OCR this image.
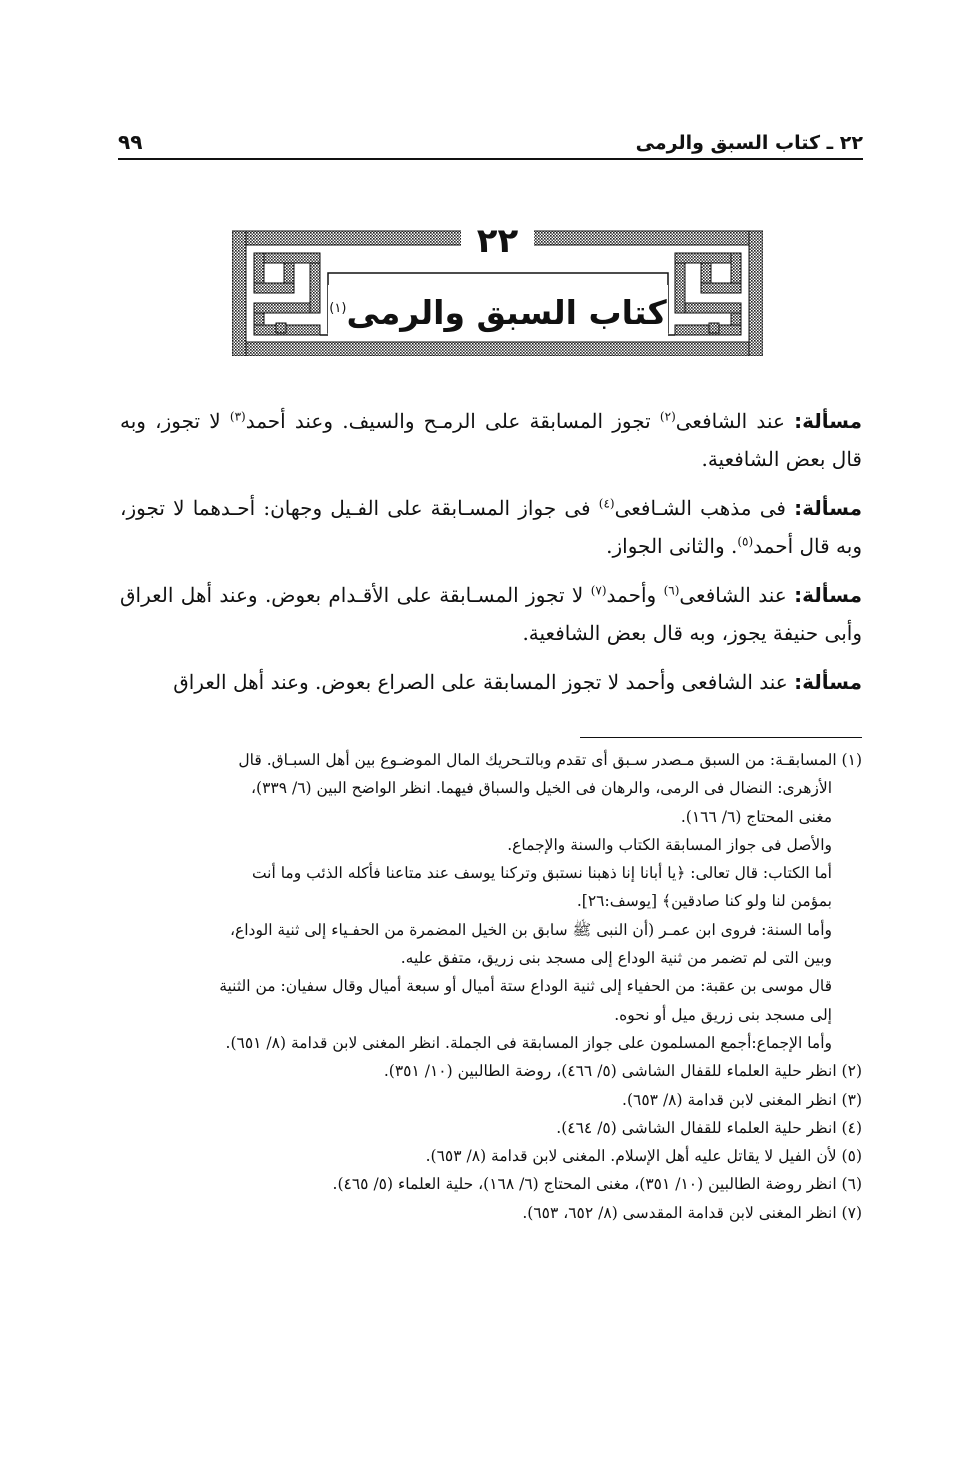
٢٢ ـ كتاب السبق والرمى
٩٩
٢٢
كتاب السبق والرمى$^{(١)}$

مسألة: عند الشافعى$^{(٢)}$ تجوز المسابقة على الرمـح والسيف. وعند أحمد$^{(٣)}$ لا تجوز، وبه قال بعض الشافعية.

مسألة: فى مذهب الشـافعى$^{(٤)}$ فى جواز المسـابقة على الفـيل وجهان: أحـدهما لا تجوز، وبه قال أحمد$^{(٥)}$. والثانى الجواز.

مسألة: عند الشافعى$^{(٦)}$ وأحمد$^{(٧)}$ لا تجوز المسـابقة على الأقـدام بعوض. وعند أهل العراق وأبى حنيفة يجوز، وبه قال بعض الشافعية.

مسألة: عند الشافعى وأحمد لا تجوز المسابقة على الصراع بعوض. وعند أهل العراق

(١) المسابقـة: من السبق مـصدر سـبق أى تقدم وبالتـحريك المال الموضـوع بين أهل السبـاق. قال

الأزهرى: النضال فى الرمى، والرهان فى الخيل والسباق فيهما. انظر الواضح البين (٦/ ٣٣٩)،

مغنى المحتاج (٦/ ١٦٦).

والأصل فى جواز المسابقة الكتاب والسنة والإجماع.

أما الكتاب: قال تعالى: ﴿يا أبانا إنا ذهبنا نستبق وتركنا يوسف عند متاعنا فأكله الذئب وما أنت

بمؤمن لنا ولو كنا صادقين﴾ [يوسف:٢٦].

وأما السنة: فروى ابن عمـر (أن النبى ﷺ سابق بن الخيل المضمرة من الحفـياء إلى ثنية الوداع،

وبين التى لم تضمر من ثنية الوداع إلى مسجد بنى زريق، متفق عليه.

قال موسى بن عقبة: من الحفياء إلى ثنية الوداع ستة أميال أو سبعة أميال وقال سفيان: من الثنية

إلى مسجد بنى زريق ميل أو نحوه.

وأما الإجماع:أجمع المسلمون على جواز المسابقة فى الجملة. انظر المغنى لابن قدامة (٨/ ٦٥١).

(٢) انظر حلية العلماء للقفال الشاشى (٥/ ٤٦٦)، روضة الطالبين (١٠/ ٣٥١).

(٣) انظر المغنى لابن قدامة (٨/ ٦٥٣).

(٤) انظر حلية العلماء للقفال الشاشى (٥/ ٤٦٤).

(٥) لأن الفيل لا يقاتل عليه أهل الإسلام. المغنى لابن قدامة (٨/ ٦٥٣).

(٦) انظر روضة الطالبين (١٠/ ٣٥١)، مغنى المحتاج (٦/ ١٦٨)، حلية العلماء (٥/ ٤٦٥).

(٧) انظر المغنى لابن قدامة المقدسى (٨/ ٦٥٢، ٦٥٣).
